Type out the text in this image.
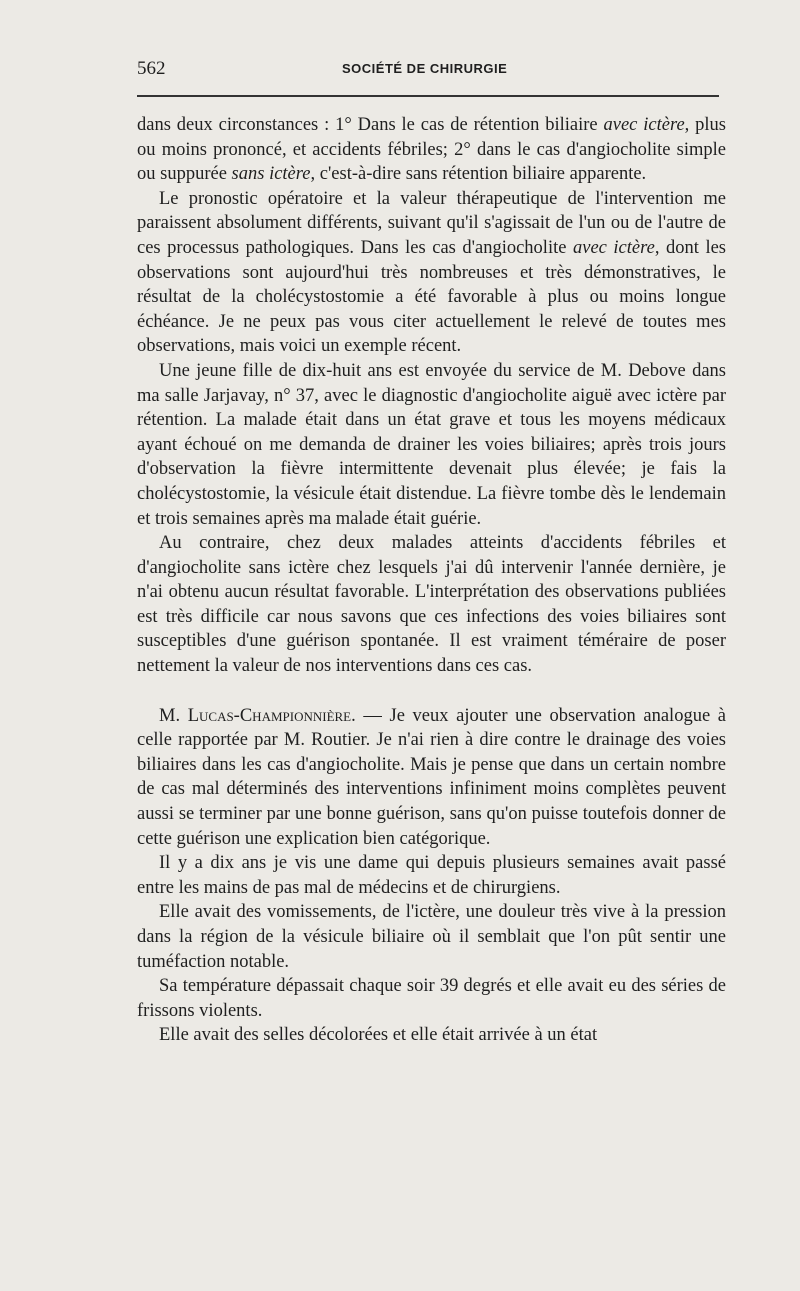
562	SOCIÉTÉ DE CHIRURGIE

dans deux circonstances : 1° Dans le cas de rétention biliaire avec ictère, plus ou moins prononcé, et accidents fébriles; 2° dans le cas d'angiocholite simple ou suppurée sans ictère, c'est-à-dire sans rétention biliaire apparente.

Le pronostic opératoire et la valeur thérapeutique de l'intervention me paraissent absolument différents, suivant qu'il s'agissait de l'un ou de l'autre de ces processus pathologiques. Dans les cas d'angiocholite avec ictère, dont les observations sont aujourd'hui très nombreuses et très démonstratives, le résultat de la cholécystostomie a été favorable à plus ou moins longue échéance. Je ne peux pas vous citer actuellement le relevé de toutes mes observations, mais voici un exemple récent.

Une jeune fille de dix-huit ans est envoyée du service de M. Debove dans ma salle Jarjavay, n° 37, avec le diagnostic d'angiocholite aiguë avec ictère par rétention. La malade était dans un état grave et tous les moyens médicaux ayant échoué on me demanda de drainer les voies biliaires; après trois jours d'observation la fièvre intermittente devenait plus élevée; je fais la cholécystostomie, la vésicule était distendue. La fièvre tombe dès le lendemain et trois semaines après ma malade était guérie.

Au contraire, chez deux malades atteints d'accidents fébriles et d'angiocholite sans ictère chez lesquels j'ai dû intervenir l'année dernière, je n'ai obtenu aucun résultat favorable. L'interprétation des observations publiées est très difficile car nous savons que ces infections des voies biliaires sont susceptibles d'une guérison spontanée. Il est vraiment téméraire de poser nettement la valeur de nos interventions dans ces cas.

M. Lucas-Championnière. — Je veux ajouter une observation analogue à celle rapportée par M. Routier. Je n'ai rien à dire contre le drainage des voies biliaires dans les cas d'angiocholite. Mais je pense que dans un certain nombre de cas mal déterminés des interventions infiniment moins complètes peuvent aussi se terminer par une bonne guérison, sans qu'on puisse toutefois donner de cette guérison une explication bien catégorique.

Il y a dix ans je vis une dame qui depuis plusieurs semaines avait passé entre les mains de pas mal de médecins et de chirurgiens.

Elle avait des vomissements, de l'ictère, une douleur très vive à la pression dans la région de la vésicule biliaire où il semblait que l'on pût sentir une tuméfaction notable.

Sa température dépassait chaque soir 39 degrés et elle avait eu des séries de frissons violents.

Elle avait des selles décolorées et elle était arrivée à un état
